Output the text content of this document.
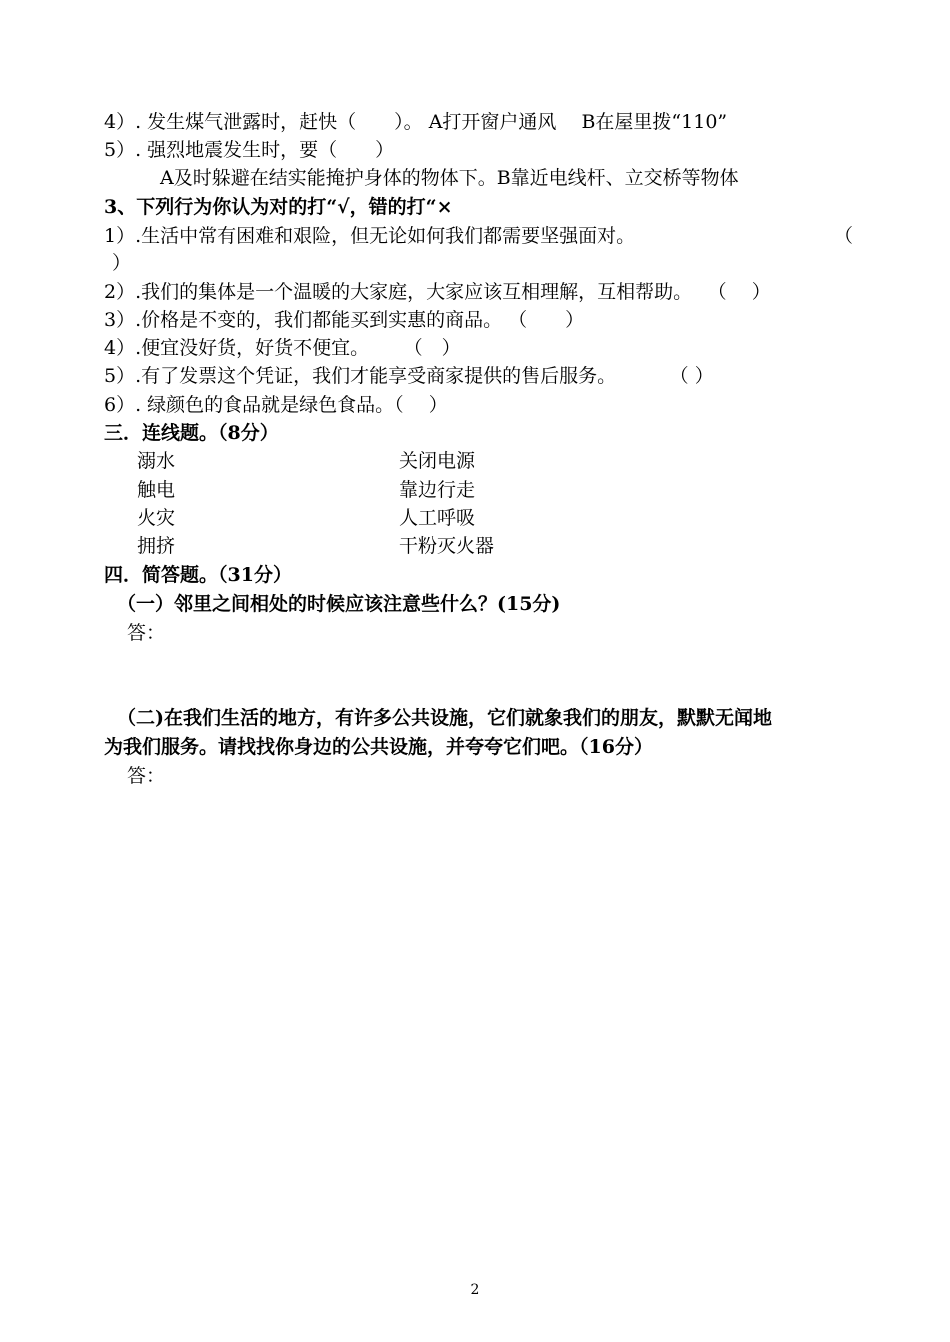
4）. 发生煤气泄露时，赶快（　　）。 A打开窗户通风　 B在屋里拨“110”
5）. 强烈地震发生时，要（　　）
A及时躲避在结实能掩护身体的物体下。B靠近电线杆、立交桥等物体
3、下列行为你认为对的打“√，错的打“×
1）.生活中常有困难和艰险，但无论如何我们都需要坚强面对。	（
）
2）.我们的集体是一个温暖的大家庭，大家应该互相理解，互相帮助。　 （　 ）
3）.价格是不变的，我们都能买到实惠的商品。 （　　）
4）.便宜没好货，好货不便宜。　　 （　）
5）.有了发票这个凭证，我们才能享受商家提供的售后服务。　　　 （ ）
6）. 绿颜色的食品就是绿色食品。（　 ）
三．连线题。（8分）
溺水	关闭电源
触电	靠边行走
火灾	人工呼吸
拥挤	干粉灭火器
四．简答题。（31分）
（一）邻里之间相处的时候应该注意些什么？(15分)
答：
（二)在我们生活的地方，有许多公共设施，它们就象我们的朋友，默默无闻地
为我们服务。请找找你身边的公共设施，并夸夸它们吧。（16分）
答：
2
